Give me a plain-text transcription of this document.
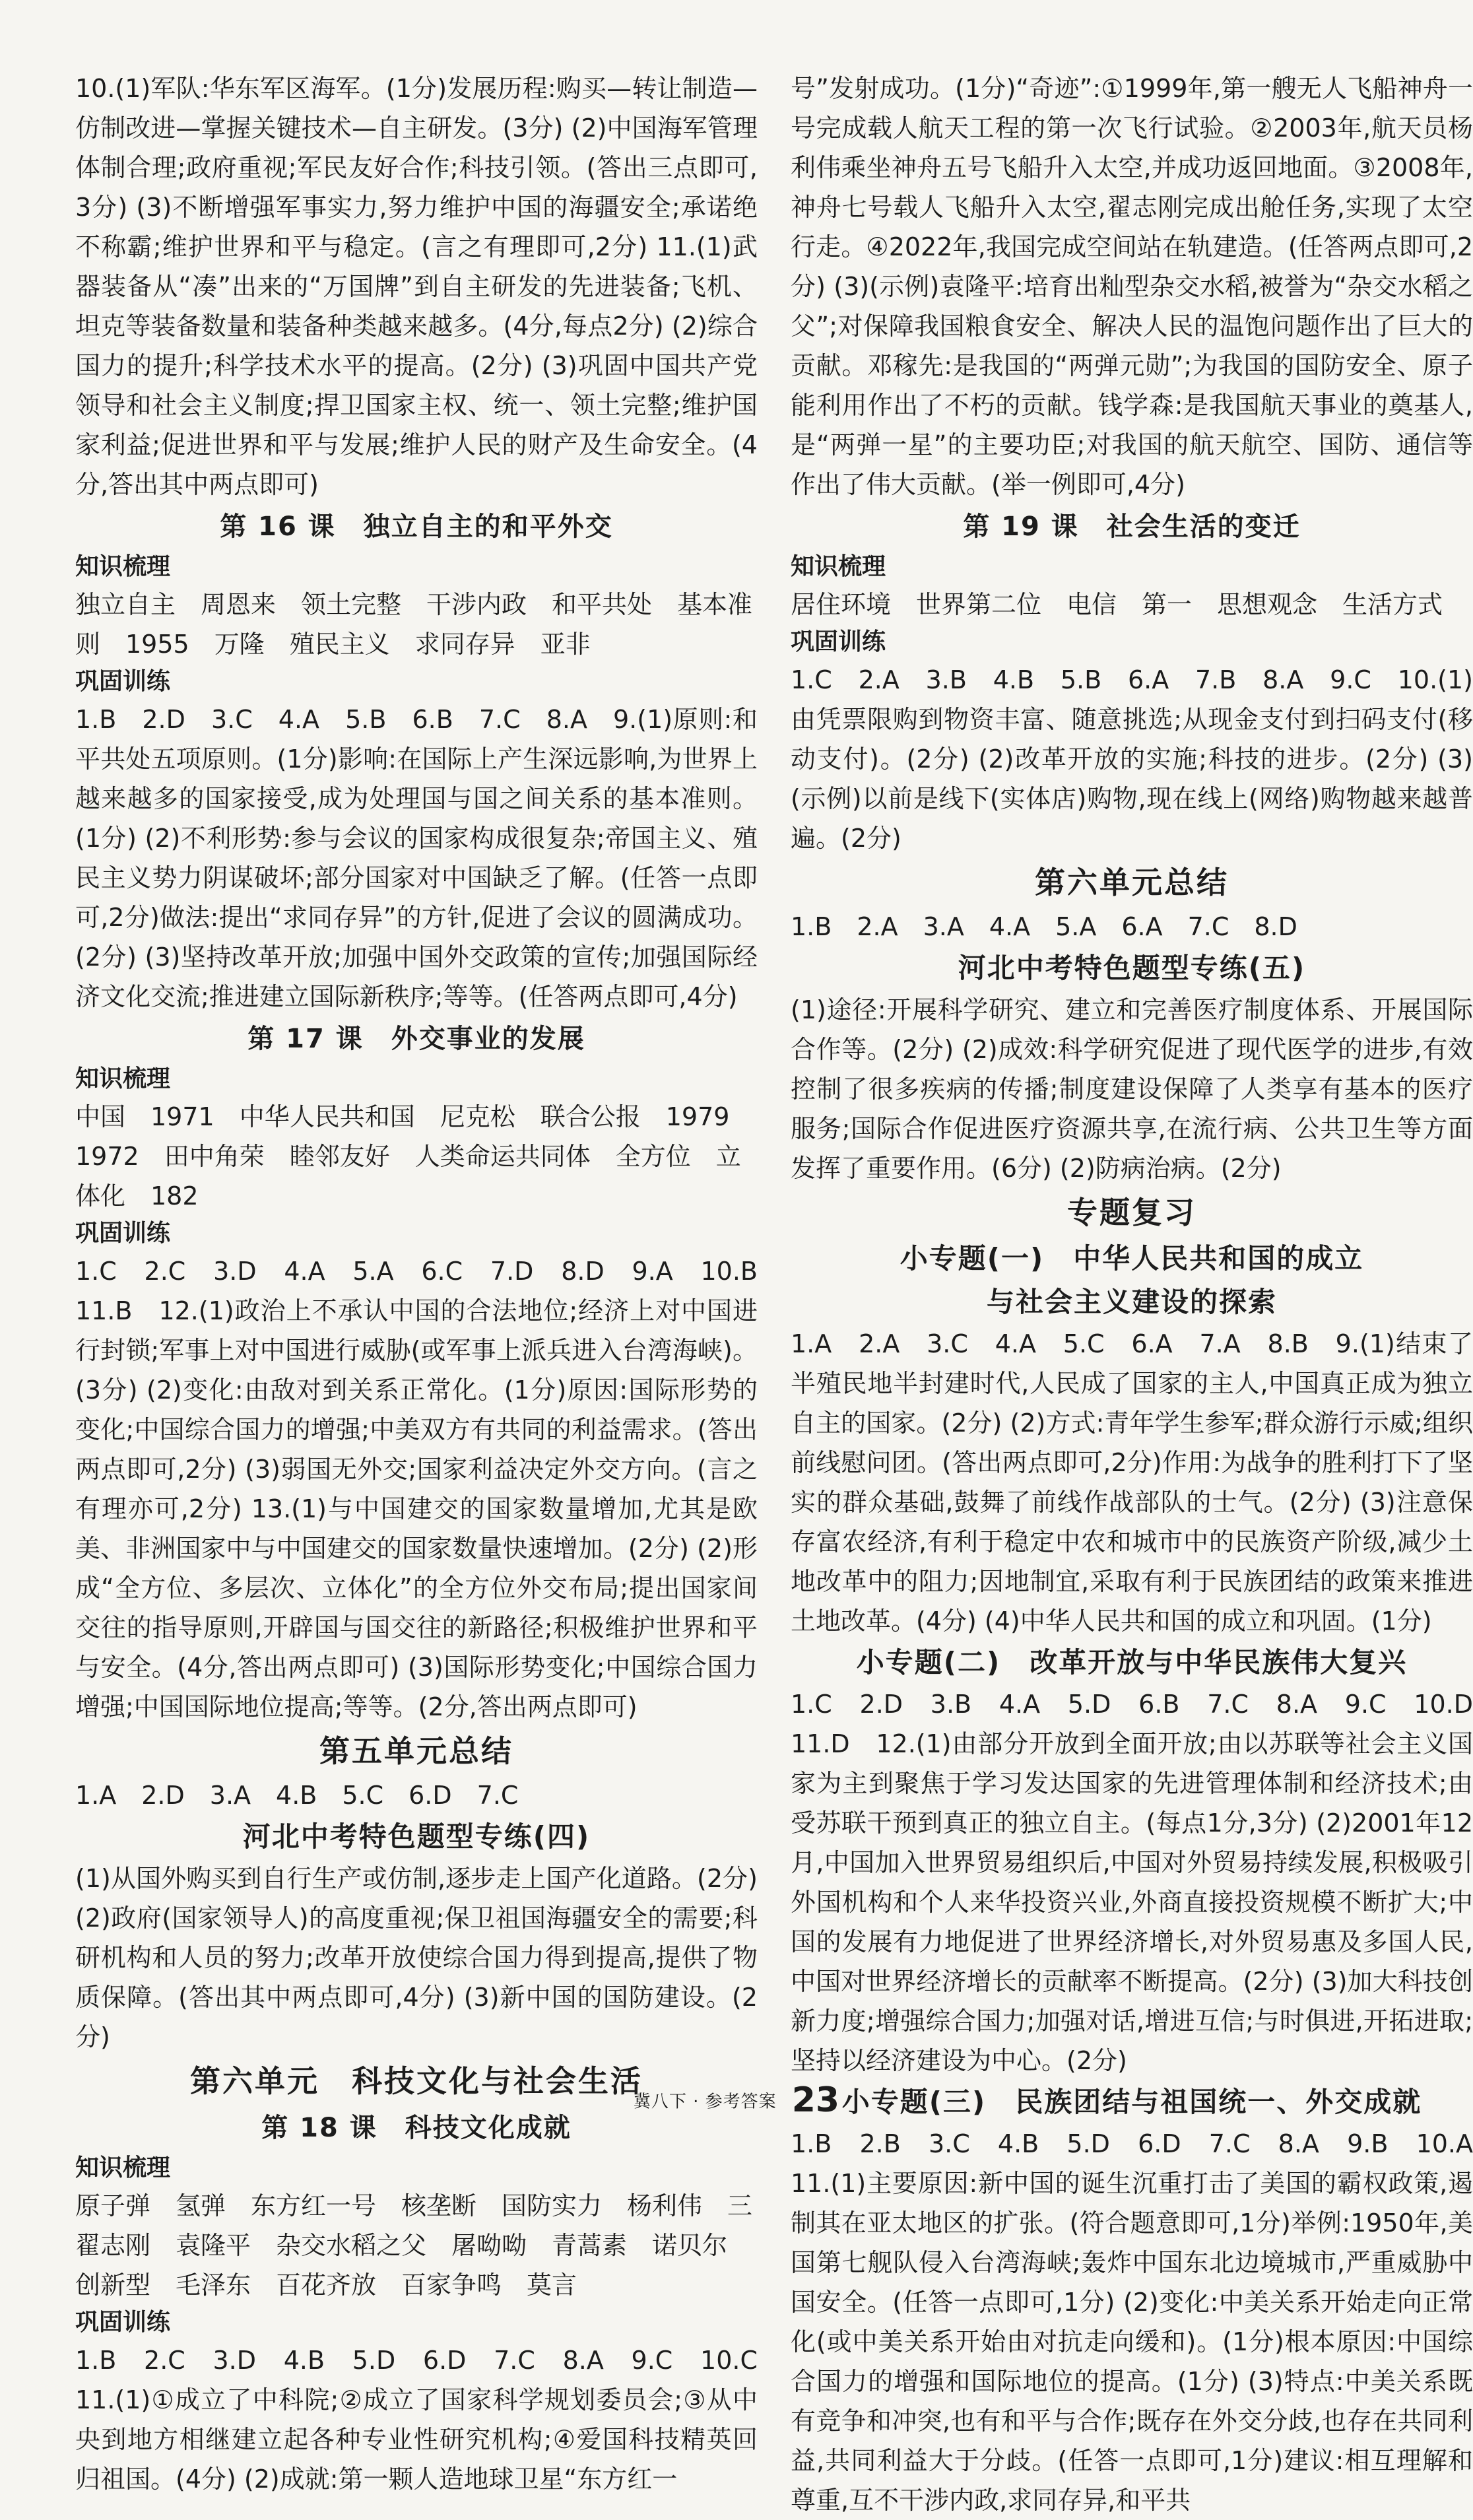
10.(1)军队:华东军区海军。(1分)发展历程:购买—转让制造—仿制改进—掌握关键技术—自主研发。(3分) (2)中国海军管理体制合理;政府重视;军民友好合作;科技引领。(答出三点即可,3分) (3)不断增强军事实力,努力维护中国的海疆安全;承诺绝不称霸;维护世界和平与稳定。(言之有理即可,2分) 11.(1)武器装备从“凑”出来的“万国牌”到自主研发的先进装备;飞机、坦克等装备数量和装备种类越来越多。(4分,每点2分) (2)综合国力的提升;科学技术水平的提高。(2分) (3)巩固中国共产党领导和社会主义制度;捍卫国家主权、统一、领土完整;维护国家利益;促进世界和平与发展;维护人民的财产及生命安全。(4分,答出其中两点即可)

第 16 课　独立自主的和平外交

知识梳理

独立自主　周恩来　领土完整　干涉内政　和平共处　基本准则　1955　万隆　殖民主义　求同存异　亚非

巩固训练

1.B　2.D　3.C　4.A　5.B　6.B　7.C　8.A　9.(1)原则:和平共处五项原则。(1分)影响:在国际上产生深远影响,为世界上越来越多的国家接受,成为处理国与国之间关系的基本准则。(1分) (2)不利形势:参与会议的国家构成很复杂;帝国主义、殖民主义势力阴谋破坏;部分国家对中国缺乏了解。(任答一点即可,2分)做法:提出“求同存异”的方针,促进了会议的圆满成功。(2分) (3)坚持改革开放;加强中国外交政策的宣传;加强国际经济文化交流;推进建立国际新秩序;等等。(任答两点即可,4分)

第 17 课　外交事业的发展

知识梳理

中国　1971　中华人民共和国　尼克松　联合公报　1979　1972　田中角荣　睦邻友好　人类命运共同体　全方位　立体化　182

巩固训练

1.C　2.C　3.D　4.A　5.A　6.C　7.D　8.D　9.A　10.B　11.B　12.(1)政治上不承认中国的合法地位;经济上对中国进行封锁;军事上对中国进行威胁(或军事上派兵进入台湾海峡)。(3分) (2)变化:由敌对到关系正常化。(1分)原因:国际形势的变化;中国综合国力的增强;中美双方有共同的利益需求。(答出两点即可,2分) (3)弱国无外交;国家利益决定外交方向。(言之有理亦可,2分) 13.(1)与中国建交的国家数量增加,尤其是欧美、非洲国家中与中国建交的国家数量快速增加。(2分) (2)形成“全方位、多层次、立体化”的全方位外交布局;提出国家间交往的指导原则,开辟国与国交往的新路径;积极维护世界和平与安全。(4分,答出两点即可) (3)国际形势变化;中国综合国力增强;中国国际地位提高;等等。(2分,答出两点即可)

第五单元总结

1.A　2.D　3.A　4.B　5.C　6.D　7.C

河北中考特色题型专练(四)

(1)从国外购买到自行生产或仿制,逐步走上国产化道路。(2分) (2)政府(国家领导人)的高度重视;保卫祖国海疆安全的需要;科研机构和人员的努力;改革开放使综合国力得到提高,提供了物质保障。(答出其中两点即可,4分) (3)新中国的国防建设。(2分)

第六单元　科技文化与社会生活

第 18 课　科技文化成就

知识梳理

原子弹　氢弹　东方红一号　核垄断　国防实力　杨利伟　三　翟志刚　袁隆平　杂交水稻之父　屠呦呦　青蒿素　诺贝尔　创新型　毛泽东　百花齐放　百家争鸣　莫言

巩固训练

1.B　2.C　3.D　4.B　5.D　6.D　7.C　8.A　9.C　10.C　11.(1)①成立了中科院;②成立了国家科学规划委员会;③从中央到地方相继建立起各种专业性研究机构;④爱国科技精英回归祖国。(4分) (2)成就:第一颗人造地球卫星“东方红一

号”发射成功。(1分)“奇迹”:①1999年,第一艘无人飞船神舟一号完成载人航天工程的第一次飞行试验。②2003年,航天员杨利伟乘坐神舟五号飞船升入太空,并成功返回地面。③2008年,神舟七号载人飞船升入太空,翟志刚完成出舱任务,实现了太空行走。④2022年,我国完成空间站在轨建造。(任答两点即可,2分) (3)(示例)袁隆平:培育出籼型杂交水稻,被誉为“杂交水稻之父”;对保障我国粮食安全、解决人民的温饱问题作出了巨大的贡献。邓稼先:是我国的“两弹元勋”;为我国的国防安全、原子能利用作出了不朽的贡献。钱学森:是我国航天事业的奠基人,是“两弹一星”的主要功臣;对我国的航天航空、国防、通信等作出了伟大贡献。(举一例即可,4分)

第 19 课　社会生活的变迁

知识梳理

居住环境　世界第二位　电信　第一　思想观念　生活方式

巩固训练

1.C　2.A　3.B　4.B　5.B　6.A　7.B　8.A　9.C　10.(1)由凭票限购到物资丰富、随意挑选;从现金支付到扫码支付(移动支付)。(2分) (2)改革开放的实施;科技的进步。(2分) (3)(示例)以前是线下(实体店)购物,现在线上(网络)购物越来越普遍。(2分)

第六单元总结

1.B　2.A　3.A　4.A　5.A　6.A　7.C　8.D

河北中考特色题型专练(五)

(1)途径:开展科学研究、建立和完善医疗制度体系、开展国际合作等。(2分) (2)成效:科学研究促进了现代医学的进步,有效控制了很多疾病的传播;制度建设保障了人类享有基本的医疗服务;国际合作促进医疗资源共享,在流行病、公共卫生等方面发挥了重要作用。(6分) (2)防病治病。(2分)

专题复习

小专题(一)　中华人民共和国的成立

与社会主义建设的探索

1.A　2.A　3.C　4.A　5.C　6.A　7.A　8.B　9.(1)结束了半殖民地半封建时代,人民成了国家的主人,中国真正成为独立自主的国家。(2分) (2)方式:青年学生参军;群众游行示威;组织前线慰问团。(答出两点即可,2分)作用:为战争的胜利打下了坚实的群众基础,鼓舞了前线作战部队的士气。(2分) (3)注意保存富农经济,有利于稳定中农和城市中的民族资产阶级,减少土地改革中的阻力;因地制宜,采取有利于民族团结的政策来推进土地改革。(4分) (4)中华人民共和国的成立和巩固。(1分)

小专题(二)　改革开放与中华民族伟大复兴

1.C　2.D　3.B　4.A　5.D　6.B　7.C　8.A　9.C　10.D　11.D　12.(1)由部分开放到全面开放;由以苏联等社会主义国家为主到聚焦于学习发达国家的先进管理体制和经济技术;由受苏联干预到真正的独立自主。(每点1分,3分) (2)2001年12月,中国加入世界贸易组织后,中国对外贸易持续发展,积极吸引外国机构和个人来华投资兴业,外商直接投资规模不断扩大;中国的发展有力地促进了世界经济增长,对外贸易惠及多国人民,中国对世界经济增长的贡献率不断提高。(2分) (3)加大科技创新力度;增强综合国力;加强对话,增进互信;与时俱进,开拓进取;坚持以经济建设为中心。(2分)

小专题(三)　民族团结与祖国统一、外交成就

1.B　2.B　3.C　4.B　5.D　6.D　7.C　8.A　9.B　10.A　11.(1)主要原因:新中国的诞生沉重打击了美国的霸权政策,遏制其在亚太地区的扩张。(符合题意即可,1分)举例:1950年,美国第七舰队侵入台湾海峡;轰炸中国东北边境城市,严重威胁中国安全。(任答一点即可,1分) (2)变化:中美关系开始走向正常化(或中美关系开始由对抗走向缓和)。(1分)根本原因:中国综合国力的增强和国际地位的提高。(1分) (3)特点:中美关系既有竞争和冲突,也有和平与合作;既存在外交分歧,也存在共同利益,共同利益大于分歧。(任答一点即可,1分)建议:相互理解和尊重,互不干涉内政,求同存异,和平共

冀八下 · 参考答案 23
